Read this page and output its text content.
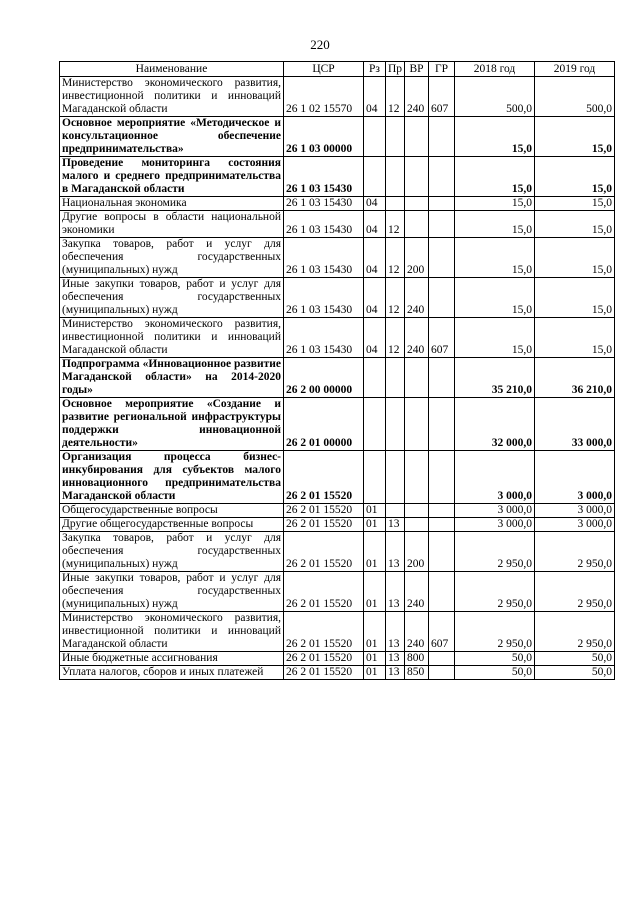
220
Наименование	ЦСР	Рз	Пр	ВР	ГР	2018 год	2019 год
Министерство экономического развития, инвестиционной политики и инноваций Магаданской области	26 1 02 15570	04	12	240	607	500,0	500,0
Основное мероприятие «Методическое и консультационное обеспечение предпринимательства»	26 1 03 00000					15,0	15,0
Проведение мониторинга состояния малого и среднего предпринимательства в Магаданской области	26 1 03 15430					15,0	15,0
Национальная экономика	26 1 03 15430	04				15,0	15,0
Другие вопросы в области национальной экономики	26 1 03 15430	04	12			15,0	15,0
Закупка товаров, работ и услуг для обеспечения государственных (муниципальных) нужд	26 1 03 15430	04	12	200		15,0	15,0
Иные закупки товаров, работ и услуг для обеспечения государственных (муниципальных) нужд	26 1 03 15430	04	12	240		15,0	15,0
Министерство экономического развития, инвестиционной политики и инноваций Магаданской области	26 1 03 15430	04	12	240	607	15,0	15,0
Подпрограмма «Инновационное развитие Магаданской области» на 2014-2020 годы»	26 2 00 00000					35 210,0	36 210,0
Основное мероприятие «Создание и развитие региональной инфраструктуры поддержки инновационной деятельности»	26 2 01 00000					32 000,0	33 000,0
Организация процесса бизнес-инкубирования для субъектов малого инновационного предпринимательства Магаданской области	26 2 01 15520					3 000,0	3 000,0
Общегосударственные вопросы	26 2 01 15520	01				3 000,0	3 000,0
Другие общегосударственные вопросы	26 2 01 15520	01	13			3 000,0	3 000,0
Закупка товаров, работ и услуг для обеспечения государственных (муниципальных) нужд	26 2 01 15520	01	13	200		2 950,0	2 950,0
Иные закупки товаров, работ и услуг для обеспечения государственных (муниципальных) нужд	26 2 01 15520	01	13	240		2 950,0	2 950,0
Министерство экономического развития, инвестиционной политики и инноваций Магаданской области	26 2 01 15520	01	13	240	607	2 950,0	2 950,0
Иные бюджетные ассигнования	26 2 01 15520	01	13	800		50,0	50,0
Уплата налогов, сборов и иных платежей	26 2 01 15520	01	13	850		50,0	50,0
